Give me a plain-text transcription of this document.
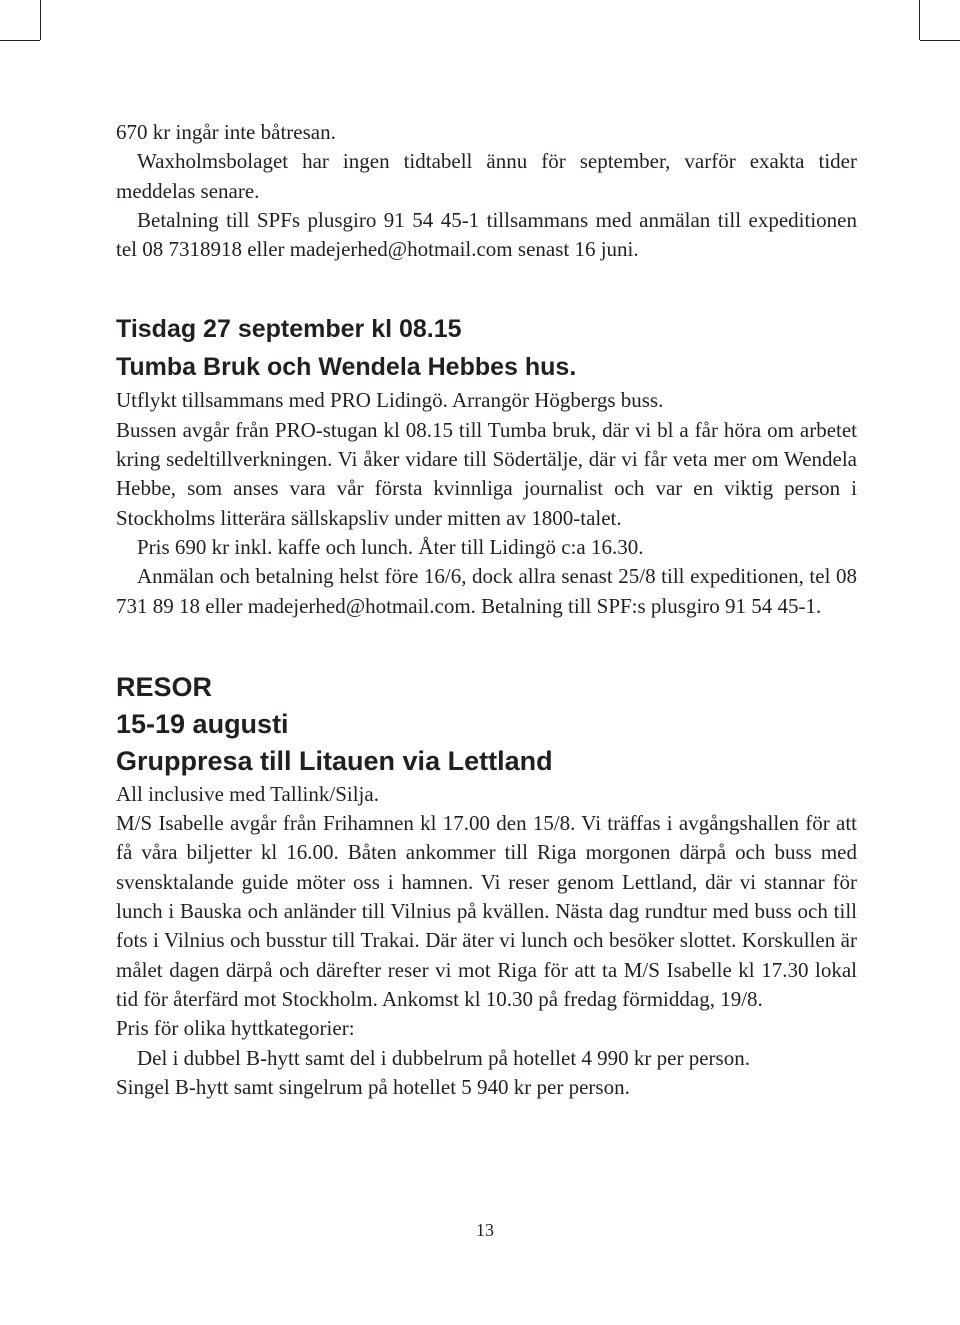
670 kr ingår inte båtresan.

Waxholmsbolaget har ingen tidtabell ännu för september, varför exakta tider meddelas senare.

Betalning till SPFs plusgiro 91 54 45-1 tillsammans med anmälan till expeditionen tel 08 7318918 eller madejerhed@hotmail.com senast 16 juni.

Tisdag 27 september kl 08.15
Tumba Bruk och Wendela Hebbes hus.

Utflykt tillsammans med PRO Lidingö. Arrangör Högbergs buss.

Bussen avgår från PRO-stugan kl 08.15 till Tumba bruk, där vi bl a får höra om arbetet kring sedeltillverkningen. Vi åker vidare till Södertälje, där vi får veta mer om Wendela Hebbe, som anses vara vår första kvinnliga journalist och var en viktig person i Stockholms litterära sällskapsliv under mitten av 1800-talet.

Pris 690 kr inkl. kaffe och lunch. Åter till Lidingö c:a 16.30.

Anmälan och betalning helst före 16/6, dock allra senast 25/8 till expeditionen, tel 08 731 89 18 eller madejerhed@hotmail.com. Betalning till SPF:s plusgiro 91 54 45-1.

RESOR
15-19 augusti
Gruppresa till Litauen via Lettland

All inclusive med Tallink/Silja.

M/S Isabelle avgår från Frihamnen kl 17.00 den 15/8. Vi träffas i avgångshallen för att få våra biljetter kl 16.00. Båten ankommer till Riga morgonen därpå och buss med svensktalande guide möter oss i hamnen. Vi reser genom Lettland, där vi stannar för lunch i Bauska och anländer till Vilnius på kvällen. Nästa dag rundtur med buss och till fots i Vilnius och busstur till Trakai. Där äter vi lunch och besöker slottet. Korskullen är målet dagen därpå och därefter reser vi mot Riga för att ta M/S Isabelle kl 17.30 lokal tid för återfärd mot Stockholm. Ankomst kl 10.30 på fredag förmiddag, 19/8.

Pris för olika hyttkategorier:

Del i dubbel B-hytt samt del i dubbelrum på hotellet 4 990 kr per person.

Singel B-hytt samt singelrum på hotellet 5 940 kr per person.

13
